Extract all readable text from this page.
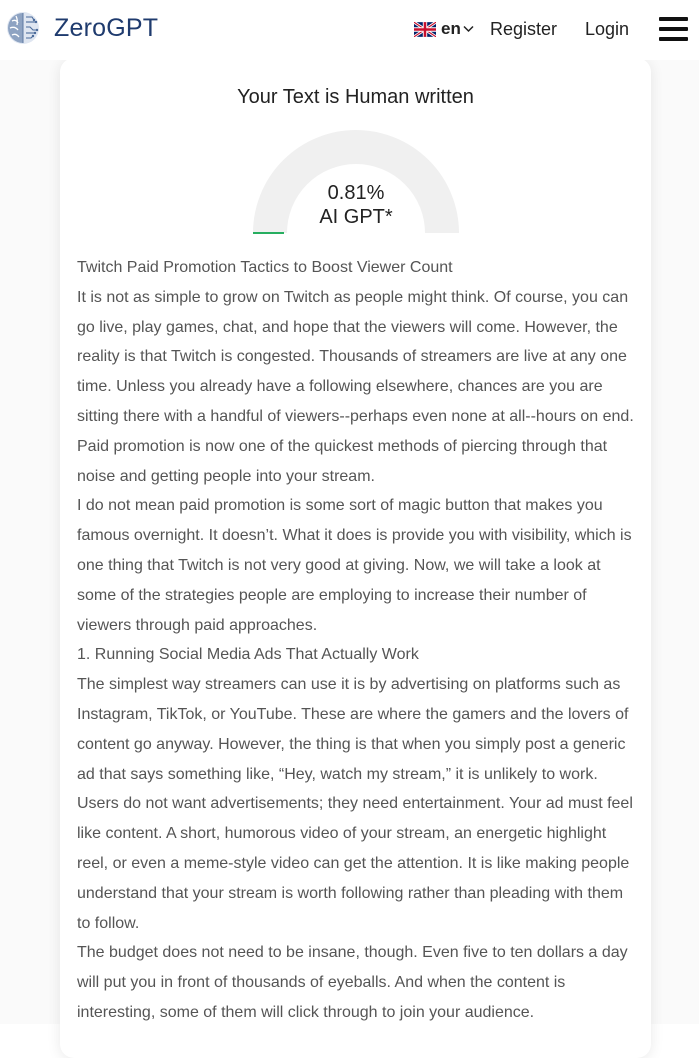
ZeroGPT	en Register Login
Your Text is Human written
0.81%
AI GPT*

Twitch Paid Promotion Tactics to Boost Viewer Count

It is not as simple to grow on Twitch as people might think. Of course, you can go live, play games, chat, and hope that the viewers will come. However, the reality is that Twitch is congested. Thousands of streamers are live at any one time. Unless you already have a following elsewhere, chances are you are sitting there with a handful of viewers--perhaps even none at all--hours on end. Paid promotion is now one of the quickest methods of piercing through that noise and getting people into your stream.

I do not mean paid promotion is some sort of magic button that makes you famous overnight. It doesn’t. What it does is provide you with visibility, which is one thing that Twitch is not very good at giving. Now, we will take a look at some of the strategies people are employing to increase their number of viewers through paid approaches.

1. Running Social Media Ads That Actually Work

The simplest way streamers can use it is by advertising on platforms such as Instagram, TikTok, or YouTube. These are where the gamers and the lovers of content go anyway. However, the thing is that when you simply post a generic ad that says something like, “Hey, watch my stream,” it is unlikely to work. Users do not want advertisements; they need entertainment. Your ad must feel like content. A short, humorous video of your stream, an energetic highlight reel, or even a meme-style video can get the attention. It is like making people understand that your stream is worth following rather than pleading with them to follow.

The budget does not need to be insane, though. Even five to ten dollars a day will put you in front of thousands of eyeballs. And when the content is interesting, some of them will click through to join your audience.
